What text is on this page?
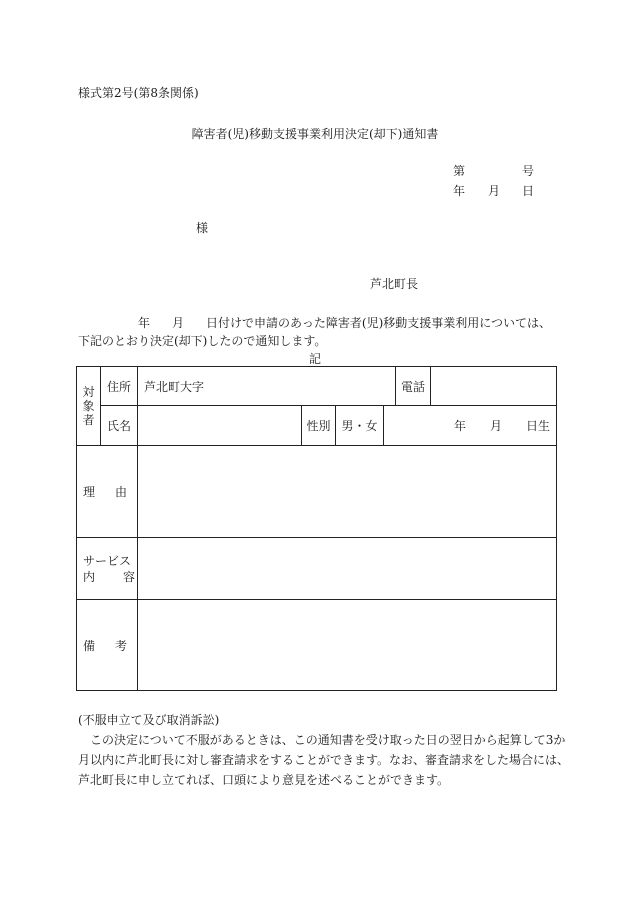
様式第2号(第8条関係)
障害者(児)移動支援事業利用決定(却下)通知書
第	号
年 月 日
様
芦北町長
年 月 日付けで申請のあった障害者(児)移動支援事業利用については、
下記のとおり決定(却下)したので通知します。
記
対
象
者	住所	芦北町大字				電話	
	氏名		性別	男・女	年 月 日生		

理 由							

サービス
内 容							

備 考							

(不服申立て及び取消訴訟)
この決定について不服があるときは、この通知書を受け取った日の翌日から起算して3か
月以内に芦北町長に対し審査請求をすることができます。なお、審査請求をした場合には、
芦北町長に申し立てれば、口頭により意見を述べることができます。
